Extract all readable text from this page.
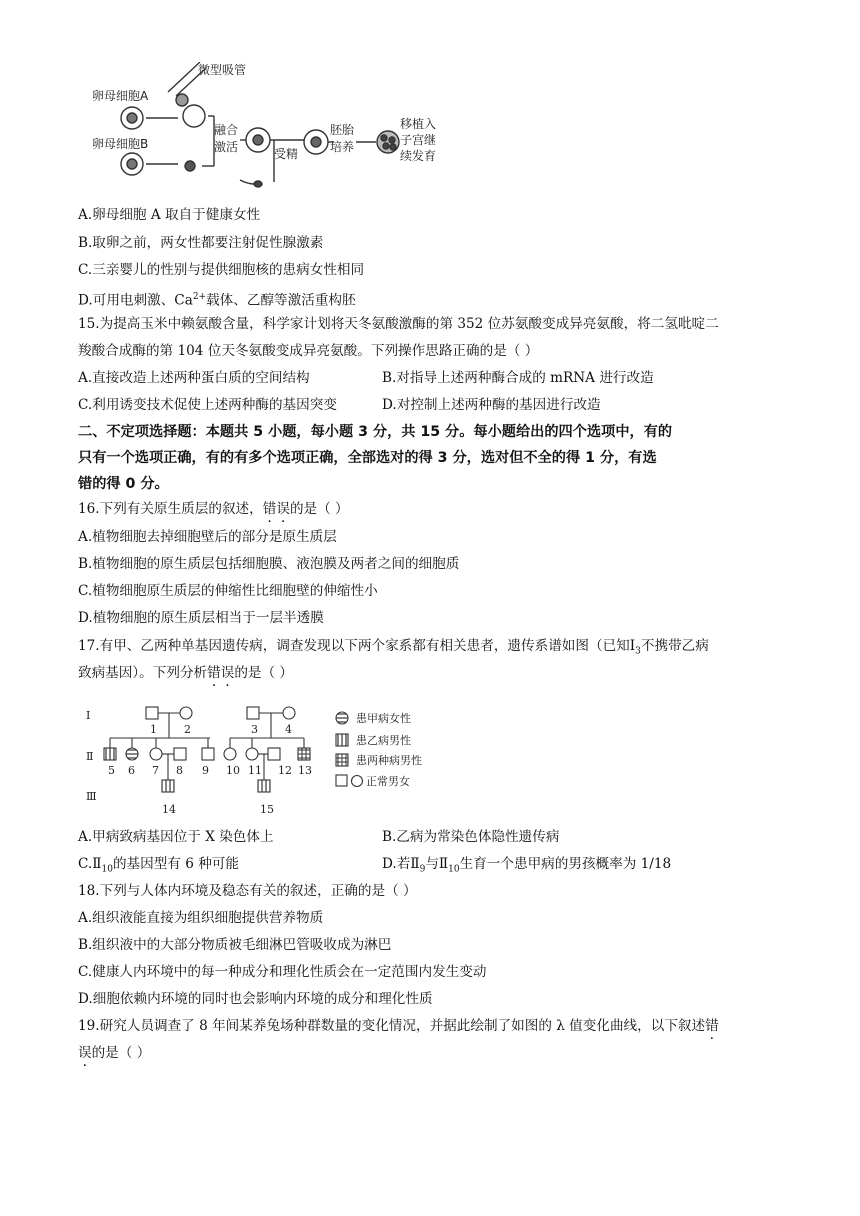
卵母细胞A
卵母细胞B
微型吸管
融合
激活	受精
胚胎
培养
移植入
子宫继
续发育
A.卵母细胞 A 取自于健康女性
B.取卵之前，两女性都要注射促性腺激素
C.三亲婴儿的性别与提供细胞核的患病女性相同
D.可用电刺激、$Ca^{2+}$载体、乙醇等激活重构胚
15.为提高玉米中赖氨酸含量，科学家计划将天冬氨酸激酶的第 352 位苏氨酸变成异亮氨酸，将二氢吡啶二
羧酸合成酶的第 104 位天冬氨酸变成异亮氨酸。下列操作思路正确的是（ ）
A.直接改造上述两种蛋白质的空间结构	B.对指导上述两种酶合成的 mRNA 进行改造
C.利用诱变技术促使上述两种酶的基因突变	D.对控制上述两种酶的基因进行改造
二、不定项选择题：本题共 5 小题，每小题 3 分，共 15 分。每小题给出的四个选项中，有的
只有一个选项正确，有的有多个选项正确，全部选对的得 3 分，选对但不全的得 1 分，有选
错的得 0 分。
16.下列有关原生质层的叙述，错误的是（ ）
A.植物细胞去掉细胞壁后的部分是原生质层
B.植物细胞的原生质层包括细胞膜、液泡膜及两者之间的细胞质
C.植物细胞原生质层的伸缩性比细胞壁的伸缩性小
D.植物细胞的原生质层相当于一层半透膜
17.有甲、乙两种单基因遗传病，调查发现以下两个家系都有相关患者，遗传系谱如图（已知$Ⅰ_3$不携带乙病
致病基因）。下列分析错误的是（ ）
Ⅰ
Ⅱ
Ⅲ
1 2	3 4
5 6 7 8 9 10 11 12 13
14	15
患甲病女性
患乙病男性
患两种病男性
正常男女
A.甲病致病基因位于 X 染色体上	B.乙病为常染色体隐性遗传病
$C.Ⅱ_{10}$的基因型有 6 种可能	D.若$Ⅱ_9$与$Ⅱ_{10}$生育一个患甲病的男孩概率为 1/18
18.下列与人体内环境及稳态有关的叙述，正确的是（ ）
A.组织液能直接为组织细胞提供营养物质
B.组织液中的大部分物质被毛细淋巴管吸收成为淋巴
C.健康人内环境中的每一种成分和理化性质会在一定范围内发生变动
D.细胞依赖内环境的同时也会影响内环境的成分和理化性质
19.研究人员调查了 8 年间某养兔场种群数量的变化情况，并据此绘制了如图的 λ 值变化曲线，以下叙述错
误的是（ ）
